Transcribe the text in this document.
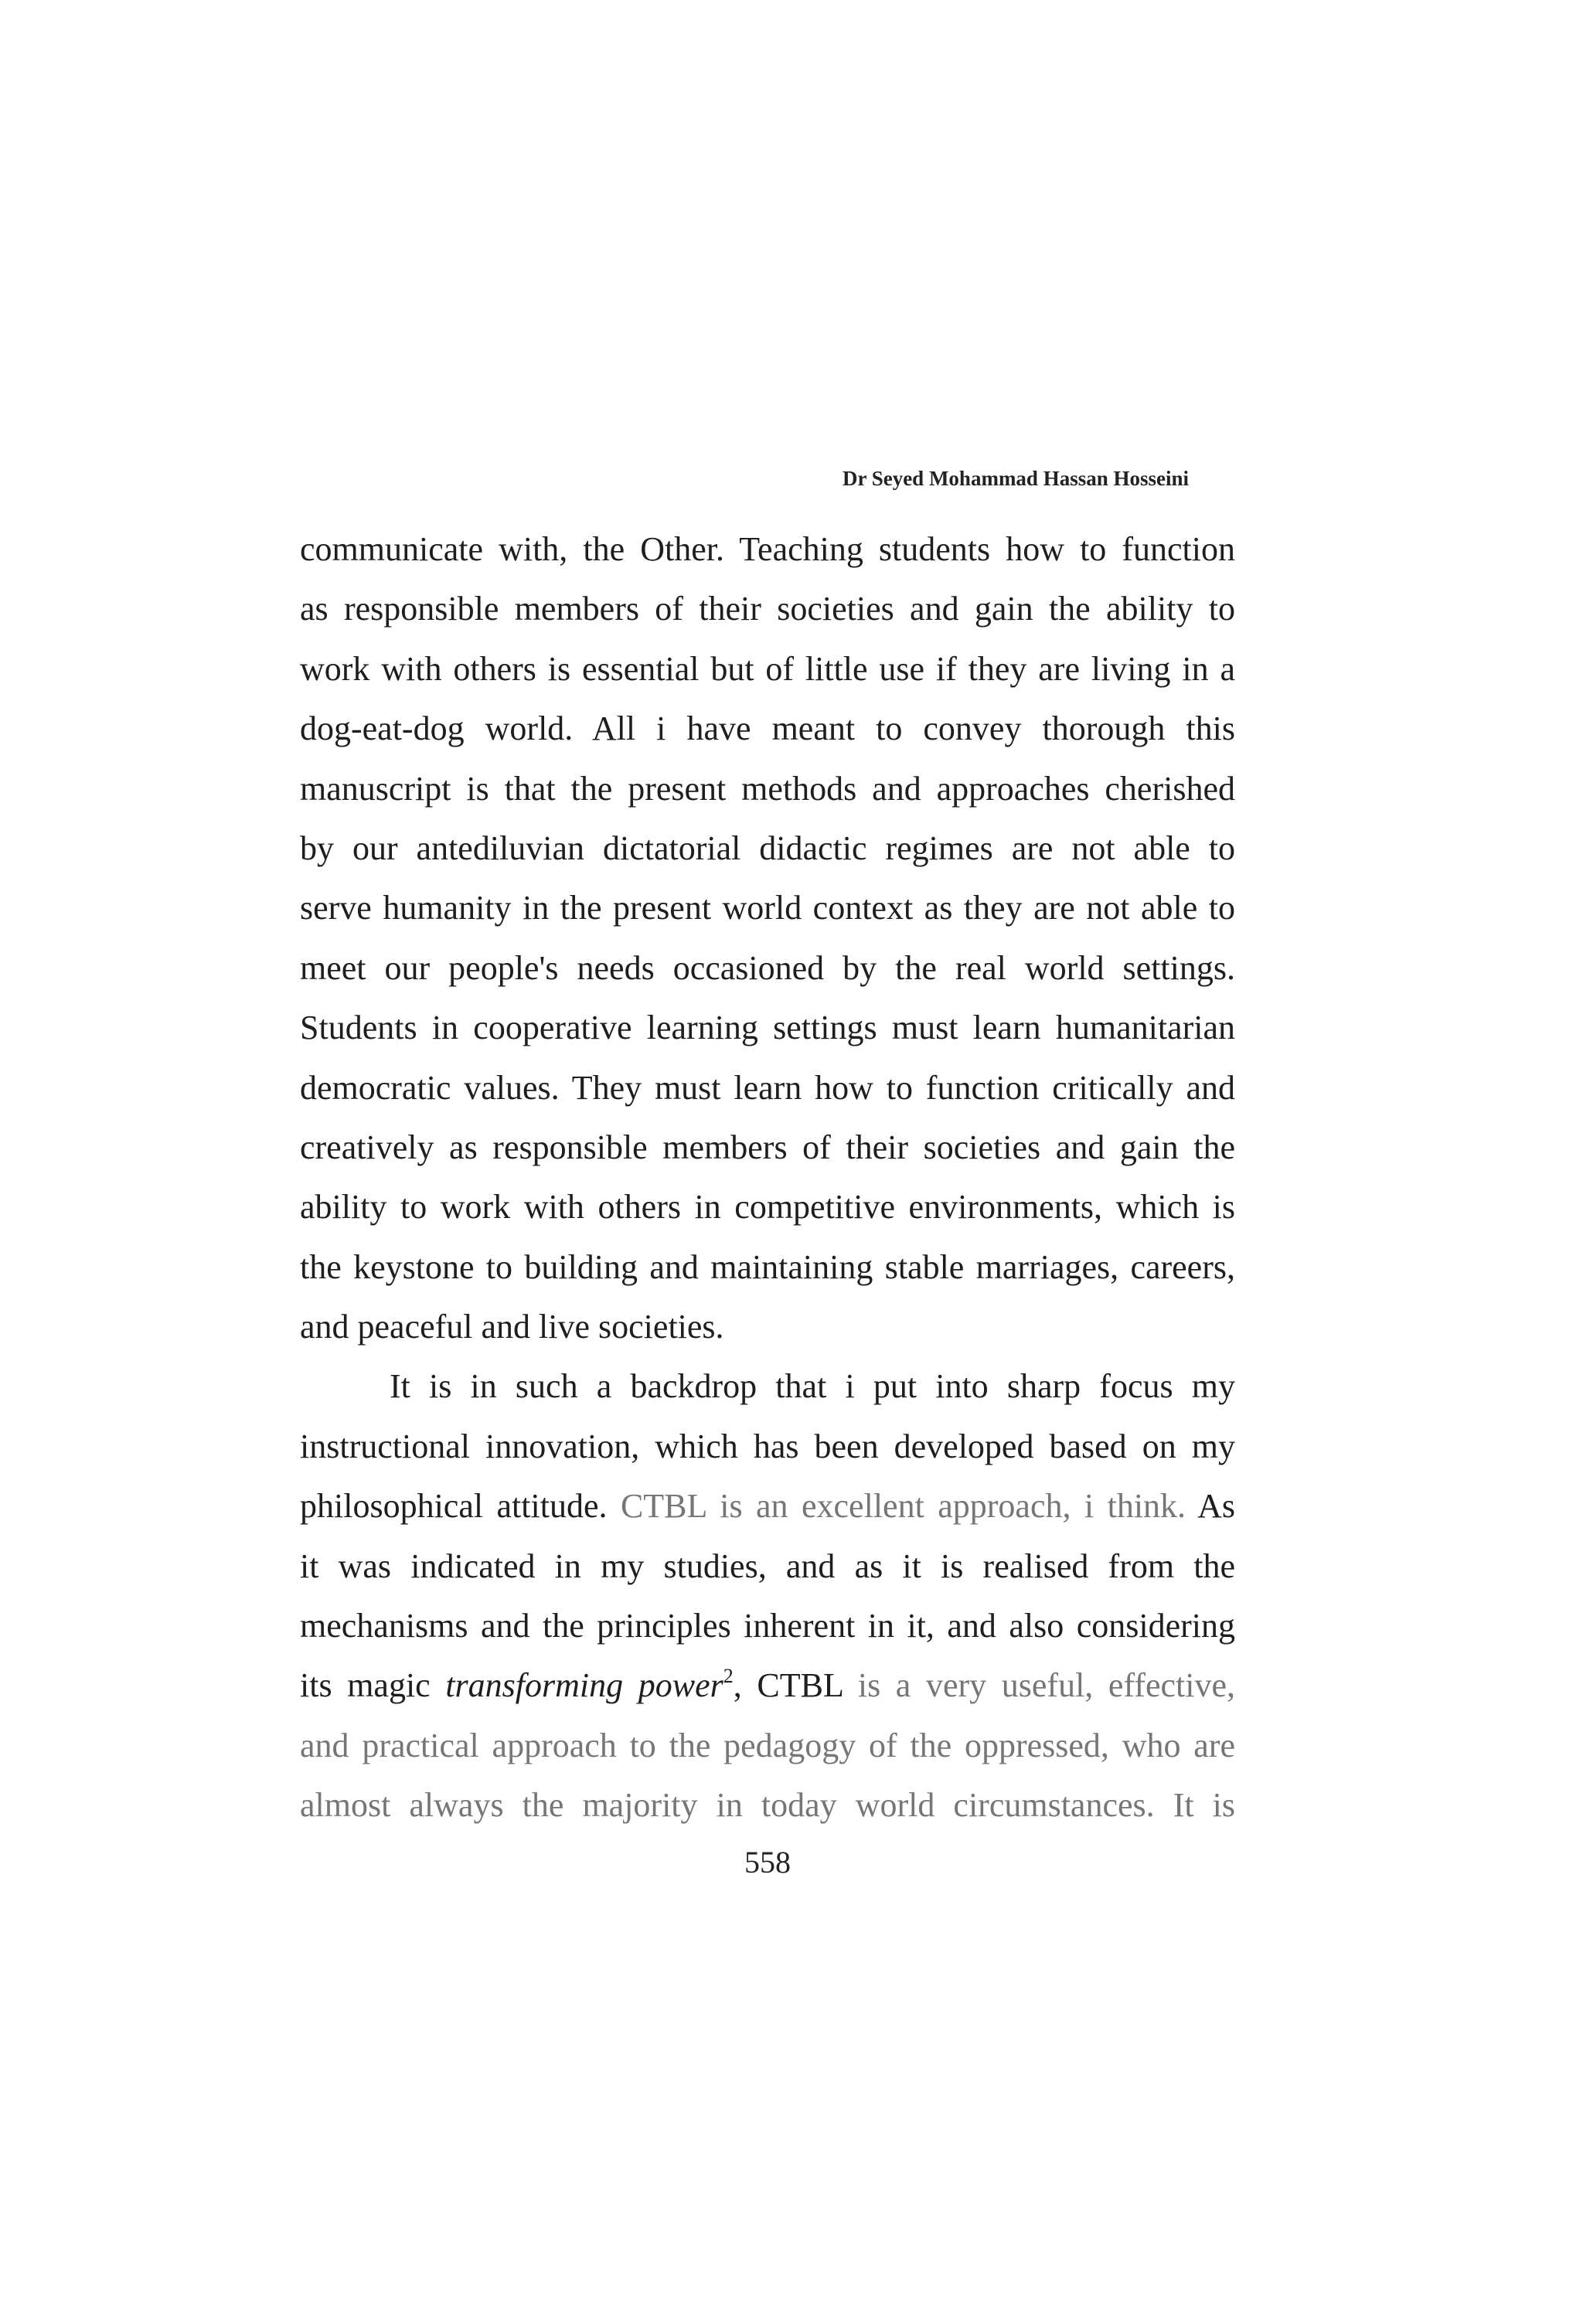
Dr Seyed Mohammad Hassan Hosseini

communicate with, the Other. Teaching students how to function

as responsible members of their societies and gain the ability to

work with others is essential but of little use if they are living in a

dog-eat-dog world. All i have meant to convey thorough this

manuscript is that the present methods and approaches cherished

by our antediluvian dictatorial didactic regimes are not able to

serve humanity in the present world context as they are not able to

meet our people's needs occasioned by the real world settings.

Students in cooperative learning settings must learn humanitarian

democratic values. They must learn how to function critically and

creatively as responsible members of their societies and gain the

ability to work with others in competitive environments, which is

the keystone to building and maintaining stable marriages, careers,

and peaceful and live societies.

It is in such a backdrop that i put into sharp focus my

instructional innovation, which has been developed based on my

philosophical attitude. CTBL is an excellent approach, i think. As

it was indicated in my studies, and as it is realised from the

mechanisms and the principles inherent in it, and also considering

its magic transforming power$^2$, CTBL is a very useful, effective,

and practical approach to the pedagogy of the oppressed, who are

almost always the majority in today world circumstances. It is

558
